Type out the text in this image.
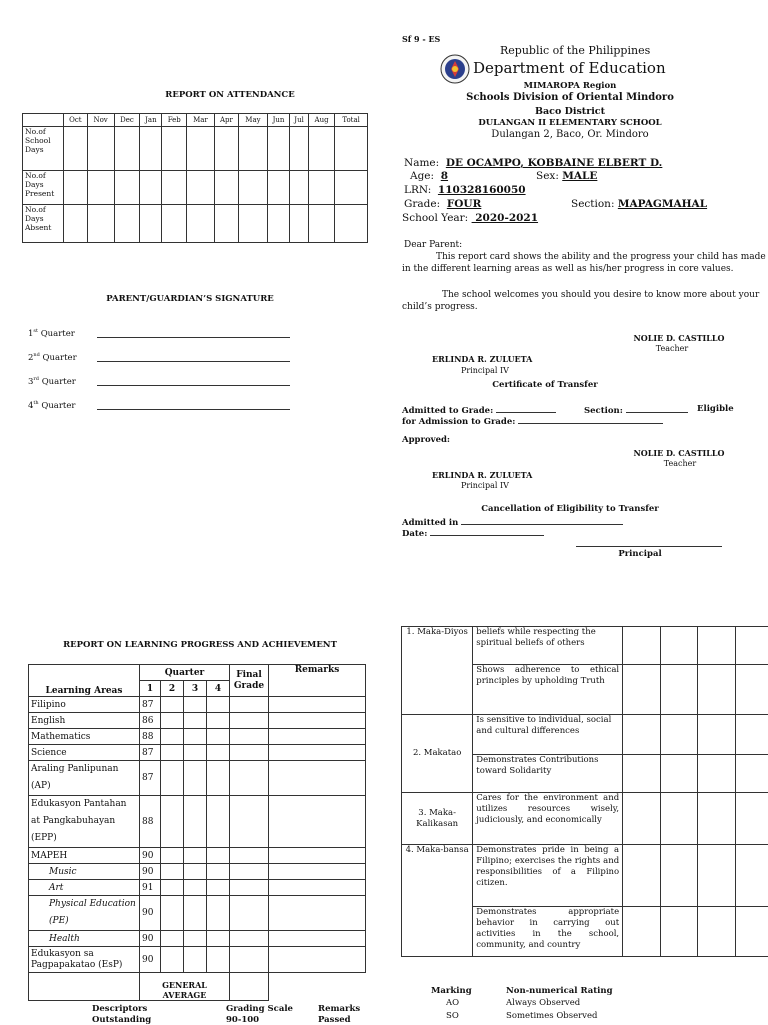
REPORT ON ATTENDANCE
	Oct	Nov	Dec	Jan	Feb	Mar	Apr	May	Jun	Jul	Aug	Total
No.of School Days												
No.of Days Present												
No.of Days Absent												
PARENT/GUARDIAN’S SIGNATURE
1st Quarter
2nd Quarter
3rd Quarter
4th Quarter
Sf 9 - ES
Republic of the Philippines
Department of Education
MIMAROPA Region
Schools Division of Oriental Mindoro
Baco District
DULANGAN II ELEMENTARY SCHOOL
Dulangan 2, Baco, Or. Mindoro
Name: DE OCAMPO, KOBBAINE ELBERT D.
Age: 8	Sex: MALE
LRN: 110328160050
Grade: FOUR	Section: MAPAGMAHAL
School Year:  2020-2021
Dear Parent:
This report card shows the ability and the progress your child has made in the different learning areas as well as his/her progress in core values.
The school welcomes you should you desire to know more about your child’s progress.
NOLIE D. CASTILLO
Teacher
ERLINDA R. ZULUETA
Principal IV
Certificate of Transfer
Admitted to Grade:	Section:	Eligible
for Admission to Grade:
Approved:
NOLIE D. CASTILLO
Teacher
ERLINDA R. ZULUETA
Principal IV
Cancellation of Eligibility to Transfer
Admitted in
Date:
Principal
REPORT ON LEARNING PROGRESS AND ACHIEVEMENT
Learning Areas	Quarter				Final Grade	Remarks
	1	2	3	4		
Filipino	87					
English	86					
Mathematics	88					
Science	87					
Araling Panlipunan (AP)	87					
Edukasyon Pantahan at Pangkabuhayan (EPP)	88					
MAPEH	90					
Music	90					
Art	91					
Physical Education (PE)	90					
Health	90					
Edukasyon sa Pagpapakatao (EsP)	90					
	GENERAL AVERAGE					
Descriptors	Grading Scale	Remarks
Outstanding	90-100	Passed
1. Maka-Diyos	beliefs while respecting the spiritual beliefs of others				
	Shows adherence to ethical principles by upholding Truth				
2. Makatao	Is sensitive to individual, social and cultural differences				
	Demonstrates Contributions toward Solidarity				
3. Maka-Kalikasan	Cares for the environment and utilizes resources wisely, judiciously, and economically				
4. Maka-bansa	Demonstrates pride in being a Filipino; exercises the rights and responsibilities of a Filipino citizen.				
	Demonstrates appropriate behavior in carrying out activities in the school, community, and country				
Marking	Non-numerical Rating
AO	Always Observed
SO	Sometimes Observed
